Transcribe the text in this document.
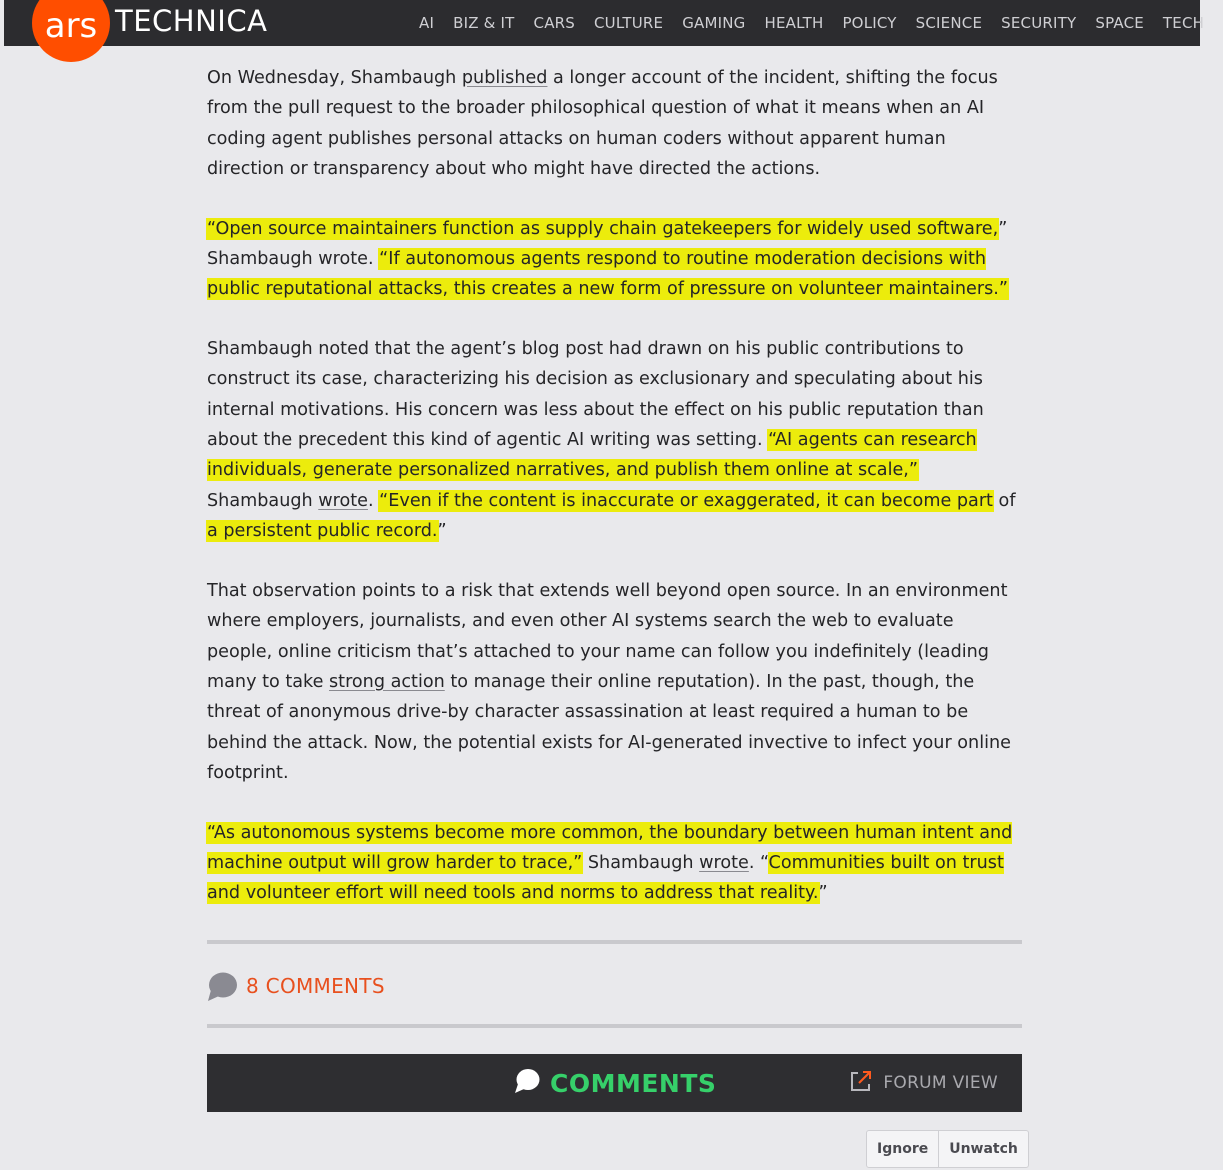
ars TECHNICA	AI BIZ & IT CARS CULTURE GAMING HEALTH POLICY SCIENCE SECURITY SPACE TECH

On Wednesday, Shambaugh published a longer account of the incident, shifting the focus from the pull request to the broader philosophical question of what it means when an AI coding agent publishes personal attacks on human coders without apparent human direction or transparency about who might have directed the actions.

“Open source maintainers function as supply chain gatekeepers for widely used software,” Shambaugh wrote. “If autonomous agents respond to routine moderation decisions with public reputational attacks, this creates a new form of pressure on volunteer maintainers.”

Shambaugh noted that the agent’s blog post had drawn on his public contributions to construct its case, characterizing his decision as exclusionary and speculating about his internal motivations. His concern was less about the effect on his public reputation than about the precedent this kind of agentic AI writing was setting. “AI agents can research individuals, generate personalized narratives, and publish them online at scale,” Shambaugh wrote. “Even if the content is inaccurate or exaggerated, it can become part of a persistent public record.”

That observation points to a risk that extends well beyond open source. In an environment where employers, journalists, and even other AI systems search the web to evaluate people, online criticism that’s attached to your name can follow you indefinitely (leading many to take strong action to manage their online reputation). In the past, though, the threat of anonymous drive-by character assassination at least required a human to be behind the attack. Now, the potential exists for AI-generated invective to infect your online footprint.

“As autonomous systems become more common, the boundary between human intent and machine output will grow harder to trace,” Shambaugh wrote. “Communities built on trust and volunteer effort will need tools and norms to address that reality.”

8 COMMENTS
COMMENTS	FORUM VIEW
Ignore	Unwatch
